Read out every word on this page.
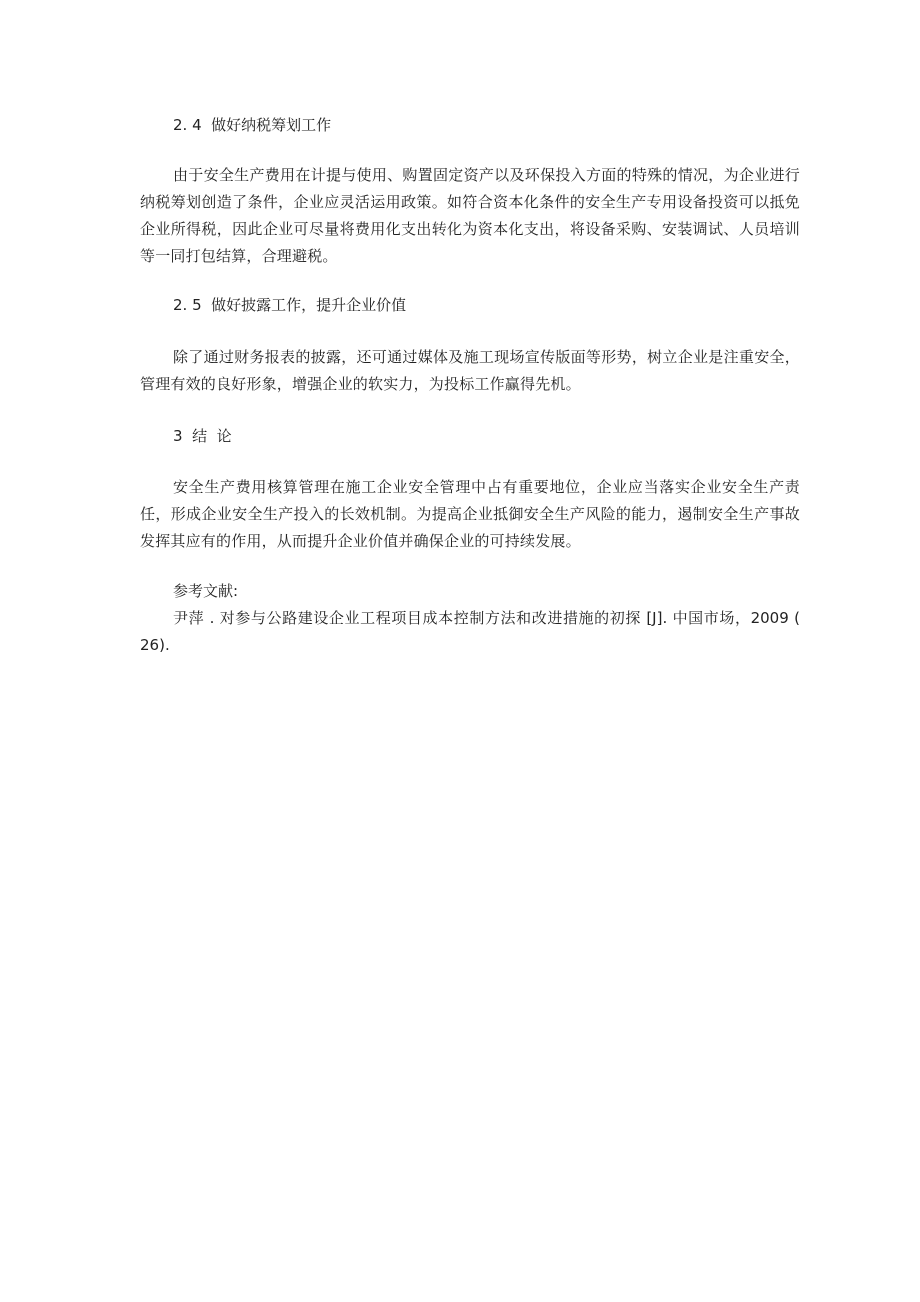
2. 4  做好纳税筹划工作

由于安全生产费用在计提与使用、购置固定资产以及环保投入方面的特殊的情况，为企业进行纳税筹划创造了条件，企业应灵活运用政策。如符合资本化条件的安全生产专用设备投资可以抵免企业所得税，因此企业可尽量将费用化支出转化为资本化支出，将设备采购、安装调试、人员培训等一同打包结算，合理避税。

2. 5  做好披露工作，提升企业价值

除了通过财务报表的披露，还可通过媒体及施工现场宣传版面等形势，树立企业是注重安全，管理有效的良好形象，增强企业的软实力，为投标工作赢得先机。

3  结  论

安全生产费用核算管理在施工企业安全管理中占有重要地位，企业应当落实企业安全生产责任，形成企业安全生产投入的长效机制。为提高企业抵御安全生产风险的能力，遏制安全生产事故发挥其应有的作用，从而提升企业价值并确保企业的可持续发展。

参考文献:

尹萍 . 对参与公路建设企业工程项目成本控制方法和改进措施的初探 [J]. 中国市场，2009 ( 26).
